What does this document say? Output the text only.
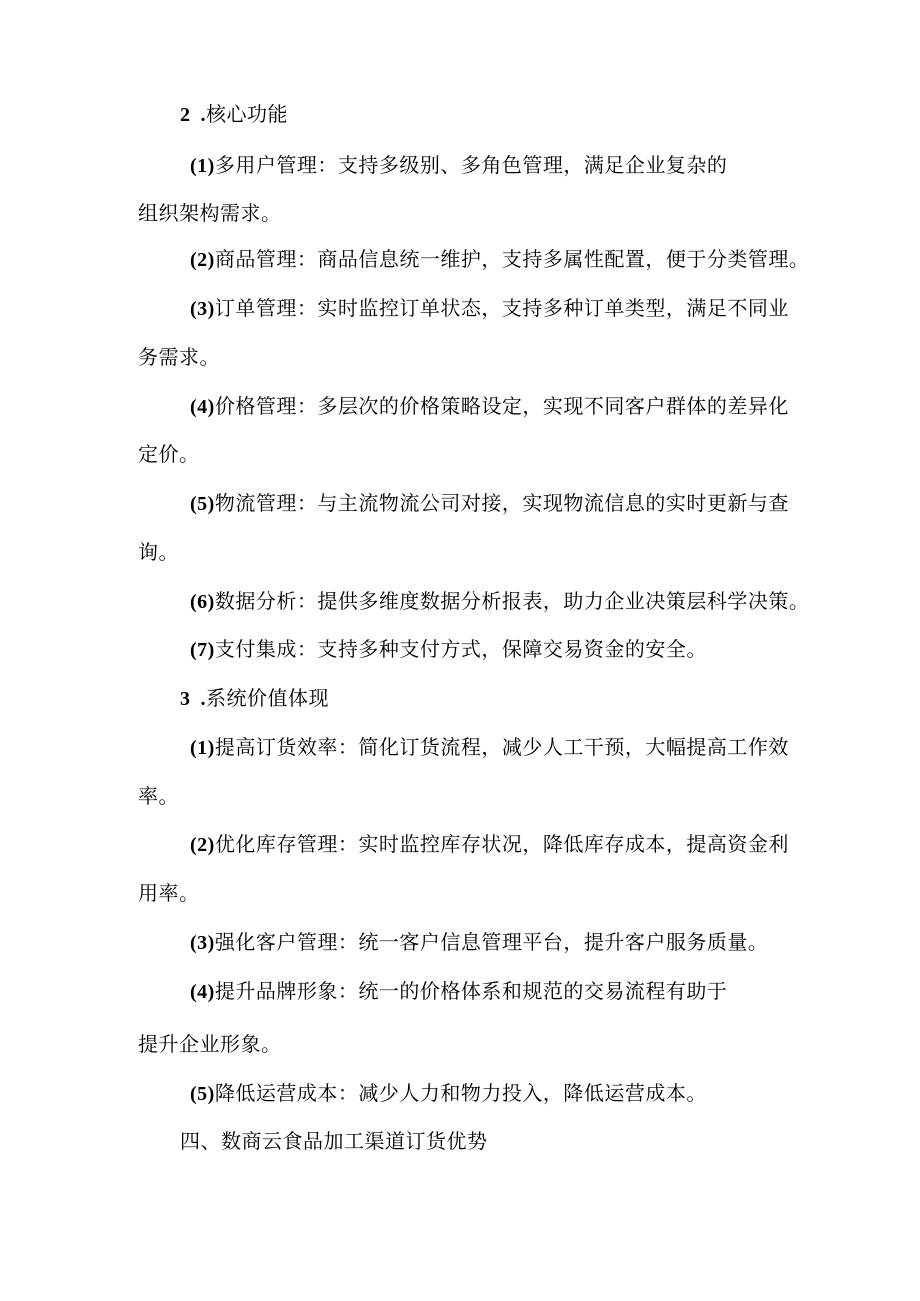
2 .核心功能
(1)多用户管理：支持多级别、多角色管理，满足企业复杂的
组织架构需求。
(2)商品管理：商品信息统一维护，支持多属性配置，便于分类管理。
(3)订单管理：实时监控订单状态，支持多种订单类型，满足不同业
务需求。
(4)价格管理：多层次的价格策略设定，实现不同客户群体的差异化
定价。
(5)物流管理：与主流物流公司对接，实现物流信息的实时更新与查
询。
(6)数据分析：提供多维度数据分析报表，助力企业决策层科学决策。
(7)支付集成：支持多种支付方式，保障交易资金的安全。
3 .系统价值体现
(1)提高订货效率：简化订货流程，减少人工干预，大幅提高工作效
率。
(2)优化库存管理：实时监控库存状况，降低库存成本，提高资金利
用率。
(3)强化客户管理：统一客户信息管理平台，提升客户服务质量。
(4)提升品牌形象：统一的价格体系和规范的交易流程有助于
提升企业形象。
(5)降低运营成本：减少人力和物力投入，降低运营成本。
四、数商云食品加工渠道订货优势
